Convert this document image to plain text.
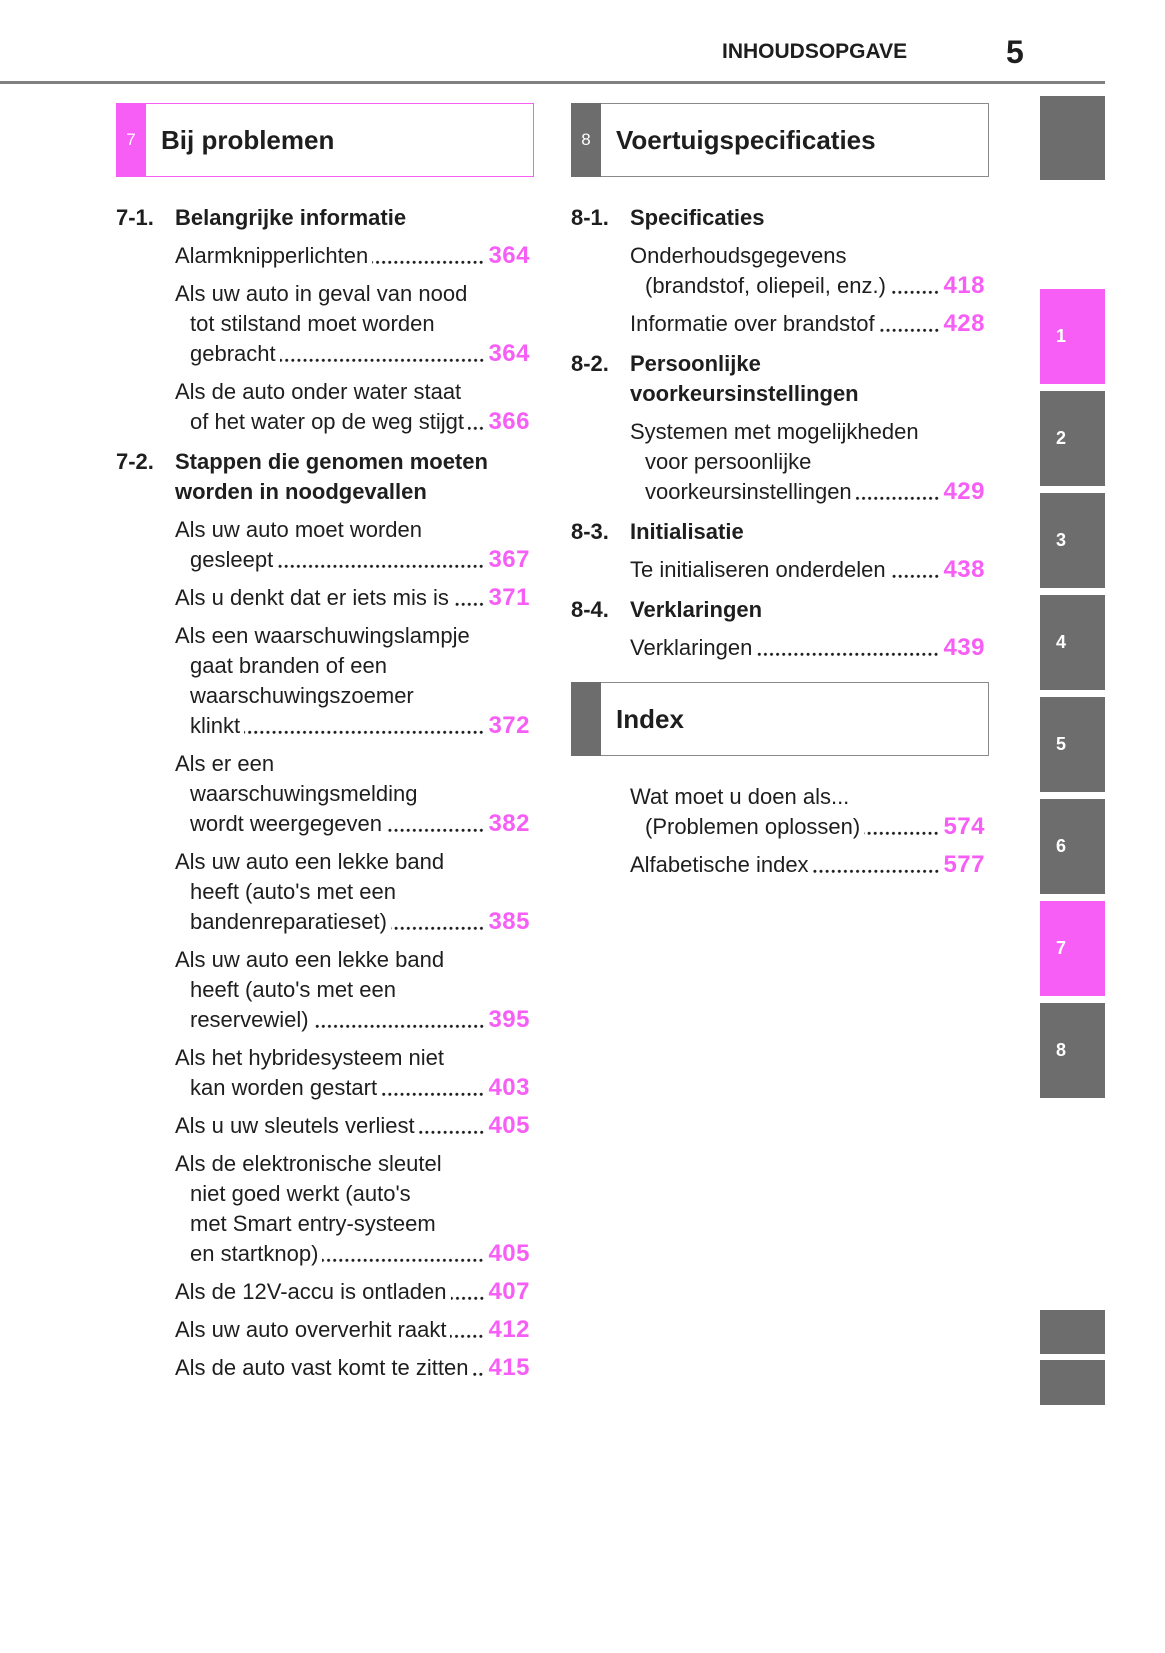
INHOUDSOPGAVE	5
7 Bij problemen	8 Voertuigspecificaties
Index
7-1. Belangrijke informatie
Alarmknipperlichten	364
Als uw auto in geval van nood
tot stilstand moet worden
gebracht	364
Als de auto onder water staat
of het water op de weg stijgt 366
7-2. Stappen die genomen moeten
worden in noodgevallen
Als uw auto moet worden
gesleept	367
Als u denkt dat er iets mis is 371
Als een waarschuwingslampje
gaat branden of een
waarschuwingszoemer
klinkt	372
Als er een
waarschuwingsmelding
wordt weergegeven	382
Als uw auto een lekke band
heeft (auto's met een
bandenreparatieset)	385
Als uw auto een lekke band
heeft (auto's met een
reservewiel)	395
Als het hybridesysteem niet
kan worden gestart	403
Als u uw sleutels verliest	405
Als de elektronische sleutel
niet goed werkt (auto's
met Smart entry-systeem
en startknop)	405
Als de 12V-accu is ontladen 407
Als uw auto oververhit raakt 412
Als de auto vast komt te zitten 415
8-1. Specificaties
Onderhoudsgegevens
(brandstof, oliepeil, enz.) 418
Informatie over brandstof	428
8-2. Persoonlijke
voorkeursinstellingen
Systemen met mogelijkheden
voor persoonlijke
voorkeursinstellingen	429
8-3. Initialisatie
Te initialiseren onderdelen 438
8-4. Verklaringen
Verklaringen	439
Wat moet u doen als...
(Problemen oplossen)	574
Alfabetische index	577
1
2
3
4
5
6
7
8
